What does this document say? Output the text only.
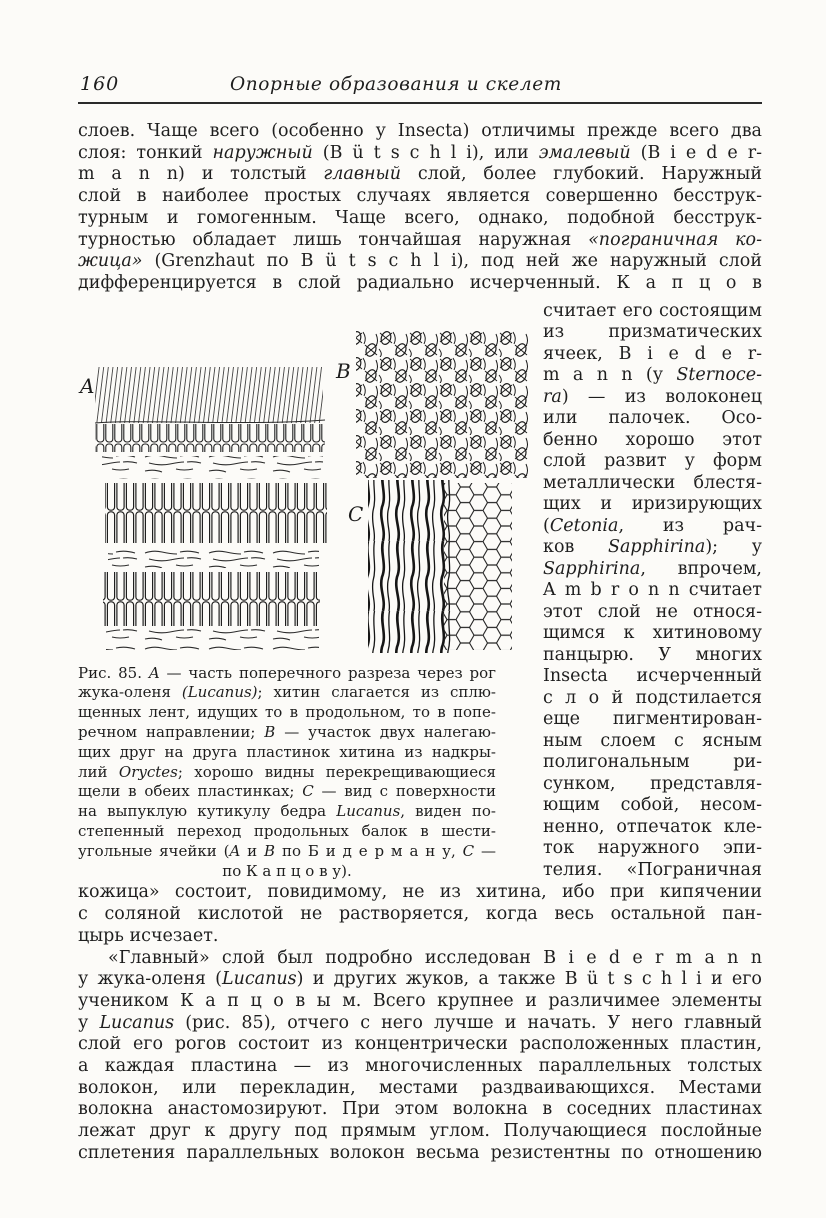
160	Опорные образования и скелет
слоев. Чаще всего (особенно у Insecta) отличимы прежде всего два
слоя: тонкий наружный (B ü t s c h l i), или эмалевый (B i e d e r-
m a n n) и толстый главный слой, более глубокий. Наружный
слой в наиболее простых случаях является совершенно бесструк-
турным и гомогенным. Чаще всего, однако, подобной бесструк-
турностью обладает лишь тончайшая наружная «пограничная ко-
жица» (Grenzhaut по B ü t s c h l i), под ней же наружный слой
дифференцируется в слой радиально исчерченный. К а п ц о в
A
B
C
Рис. 85. A — часть поперечного разреза через рог
жука-оленя (Lucanus); хитин слагается из сплю-
щенных лент, идущих то в продольном, то в попе-
речном направлении; B — участок двух налегаю-
щих друг на друга пластинок хитина из надкры-
лий Oryctes; хорошо видны перекрещивающиеся
щели в обеих пластинках; C — вид с поверхности
на выпуклую кутикулу бедра Lucanus, виден по-
степенный переход продольных балок в шести-
угольные ячейки (A и B по Б и д е р м а н у, C —
по К а п ц о в у).
считает его состоящим
из призматических
ячеек, B i e d e r-
m a n n (у Sternoce-
ra) — из волоконец
или палочек. Осо-
бенно хорошо этот
слой развит у форм
металлически блестя-
щих и иризирующих
(Cetonia, из рач-
ков Sapphirina); у
Sapphirina, впрочем,
A m b r o n n считает
этот слой не относя-
щимся к хитиновому
панцырю. У многих
Insecta исчерченный
с л о й подстилается
еще пигментирован-
ным слоем с ясным
полигональным ри-
сунком, представля-
ющим собой, несом-
ненно, отпечаток кле-
ток наружного эпи-
телия. «Пограничная
кожица» состоит, повидимому, не из хитина, ибо при кипячении
с соляной кислотой не растворяется, когда весь остальной пан-
цырь исчезает.
«Главный» слой был подробно исследован B i e d e r m a n n
у жука-оленя (Lucanus) и других жуков, а также B ü t s c h l i и его
учеником К а п ц о в ы м. Всего крупнее и различимее элементы
у Lucanus (рис. 85), отчего с него лучше и начать. У него главный
слой его рогов состоит из концентрически расположенных пластин,
а каждая пластина — из многочисленных параллельных толстых
волокон, или перекладин, местами раздваивающихся. Местами
волокна анастомозируют. При этом волокна в соседних пластинах
лежат друг к другу под прямым углом. Получающиеся послойные
сплетения параллельных волокон весьма резистентны по отношению
